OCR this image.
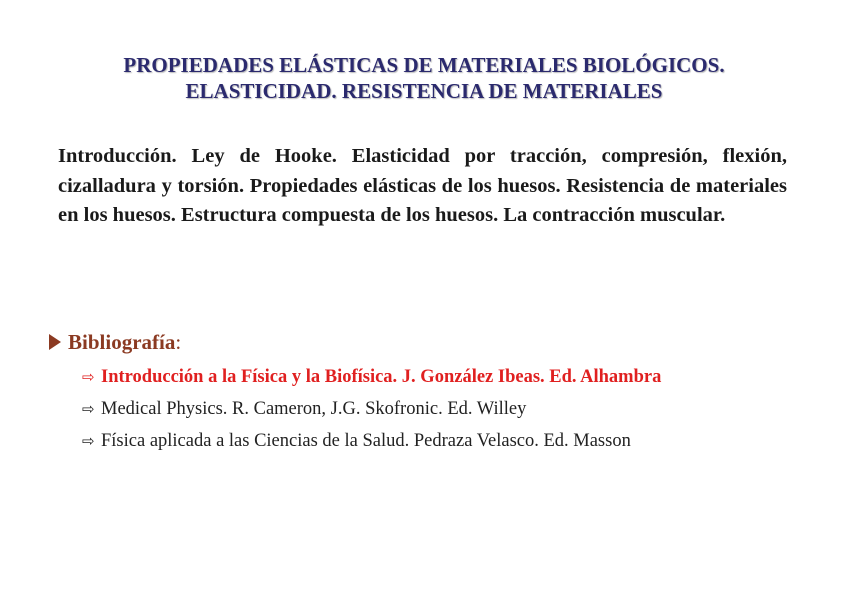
PROPIEDADES ELÁSTICAS DE MATERIALES BIOLÓGICOS.
ELASTICIDAD. RESISTENCIA DE MATERIALES

Introducción. Ley de Hooke. Elasticidad por tracción, compresión, flexión, cizalladura y torsión. Propiedades elásticas de los huesos. Resistencia de materiales en los huesos. Estructura compuesta de los huesos. La contracción muscular.

Bibliografía :
⇨ Introducción a la Física y la Biofísica. J. González Ibeas. Ed. Alhambra
⇨ Medical Physics. R. Cameron, J.G. Skofronic. Ed. Willey
⇨ Física aplicada a las Ciencias de la Salud. Pedraza Velasco. Ed. Masson
